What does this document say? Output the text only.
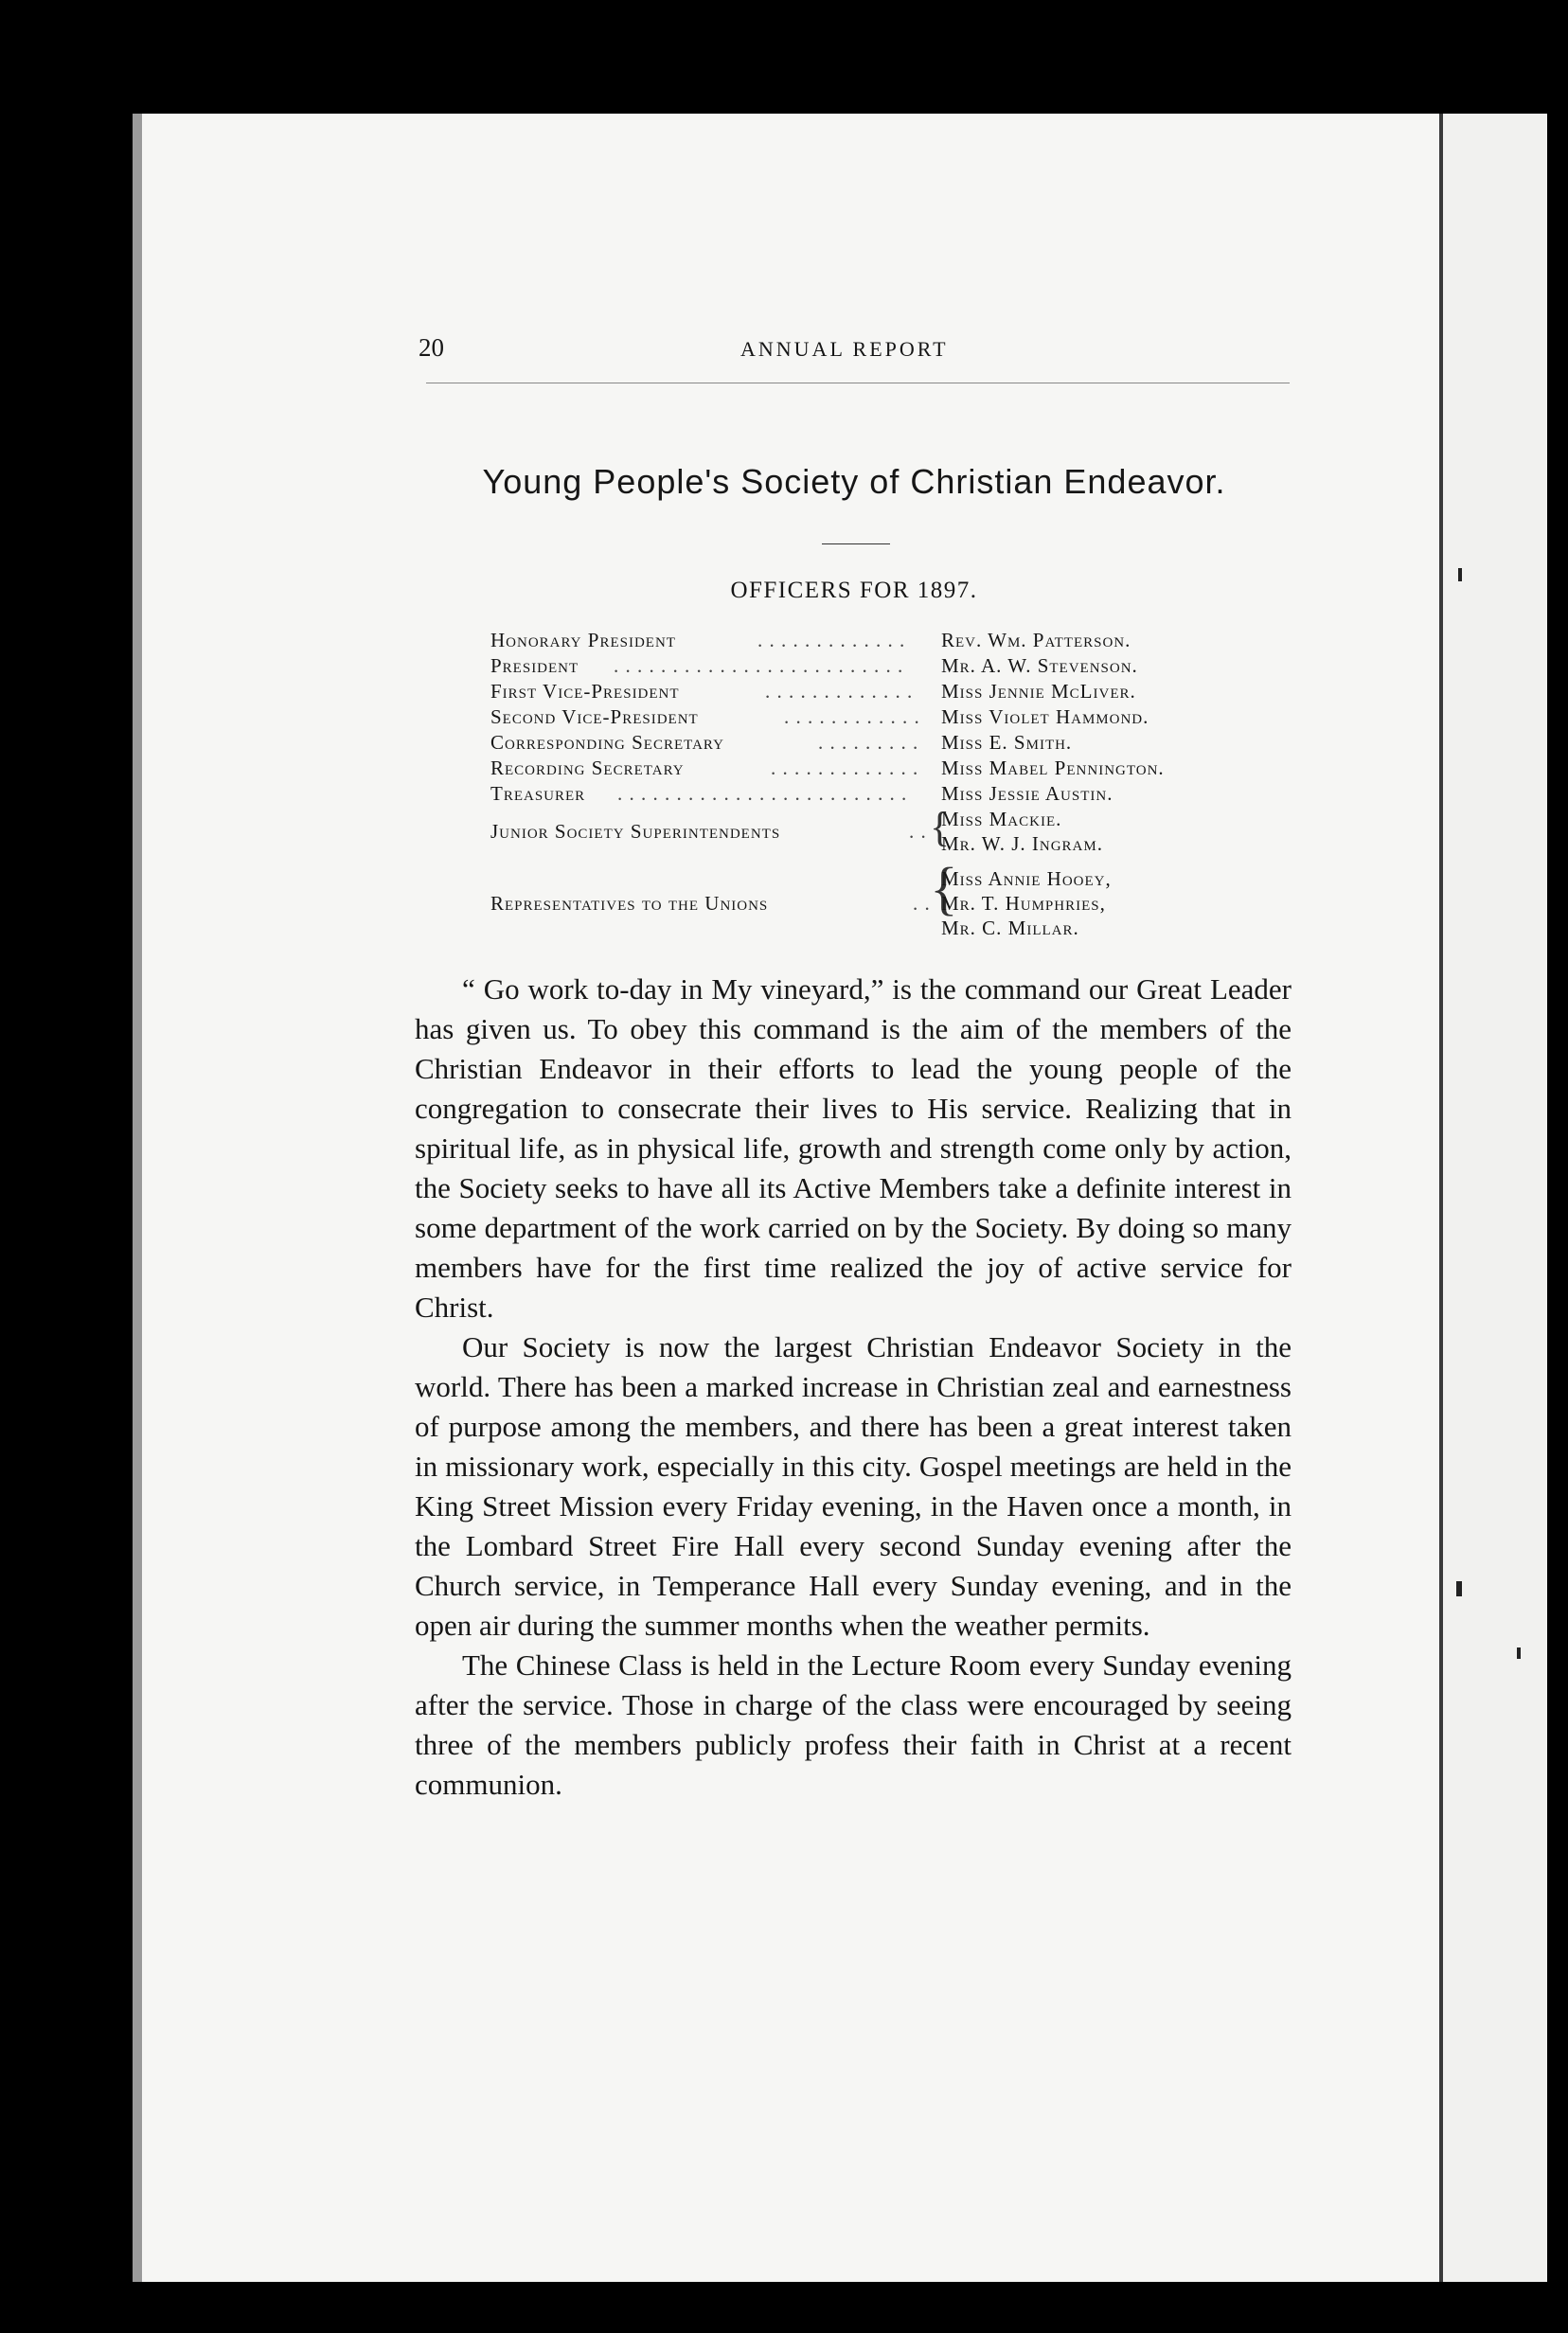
20	ANNUAL REPORT
Young People's Society of Christian Endeavor.
OFFICERS FOR 1897.
Honorary President	. . . . . . . . . . . . . Rev. Wm. Patterson.
President . . . . . . . . . . . . . . . . . . . . . . . . . Mr. A. W. Stevenson.
First Vice-President	. . . . . . . . . . . . . Miss Jennie McLiver.
Second Vice-President	. . . . . . . . . . . . Miss Violet Hammond.
Corresponding Secretary	. . . . . . . . . Miss E. Smith.
Recording Secretary	. . . . . . . . . . . . . Miss Mabel Pennington.
Treasurer . . . . . . . . . . . . . . . . . . . . . . . . . Miss Jessie Austin.
Junior Society Superintendents	. . {
Miss Mackie.
Mr. W. J. Ingram.
Representatives to the Unions	. . {
Miss Annie Hooey,
Mr. T. Humphries,
Mr. C. Millar.

“ Go work to-day in My vineyard,” is the command our Great Leader has given us. To obey this command is the aim of the members of the Christian Endeavor in their efforts to lead the young people of the congregation to consecrate their lives to His service. Realizing that in spiritual life, as in physical life, growth and strength come only by action, the Society seeks to have all its Active Members take a definite interest in some department of the work carried on by the Society. By doing so many members have for the first time realized the joy of active service for Christ.

Our Society is now the largest Christian Endeavor Society in the world. There has been a marked increase in Christian zeal and earnestness of purpose among the members, and there has been a great interest taken in missionary work, especially in this city. Gospel meetings are held in the King Street Mission every Friday evening, in the Haven once a month, in the Lombard Street Fire Hall every second Sunday evening after the Church service, in Temperance Hall every Sunday evening, and in the open air during the summer months when the weather permits.

The Chinese Class is held in the Lecture Room every Sunday evening after the service. Those in charge of the class were encouraged by seeing three of the members publicly profess their faith in Christ at a recent communion.
